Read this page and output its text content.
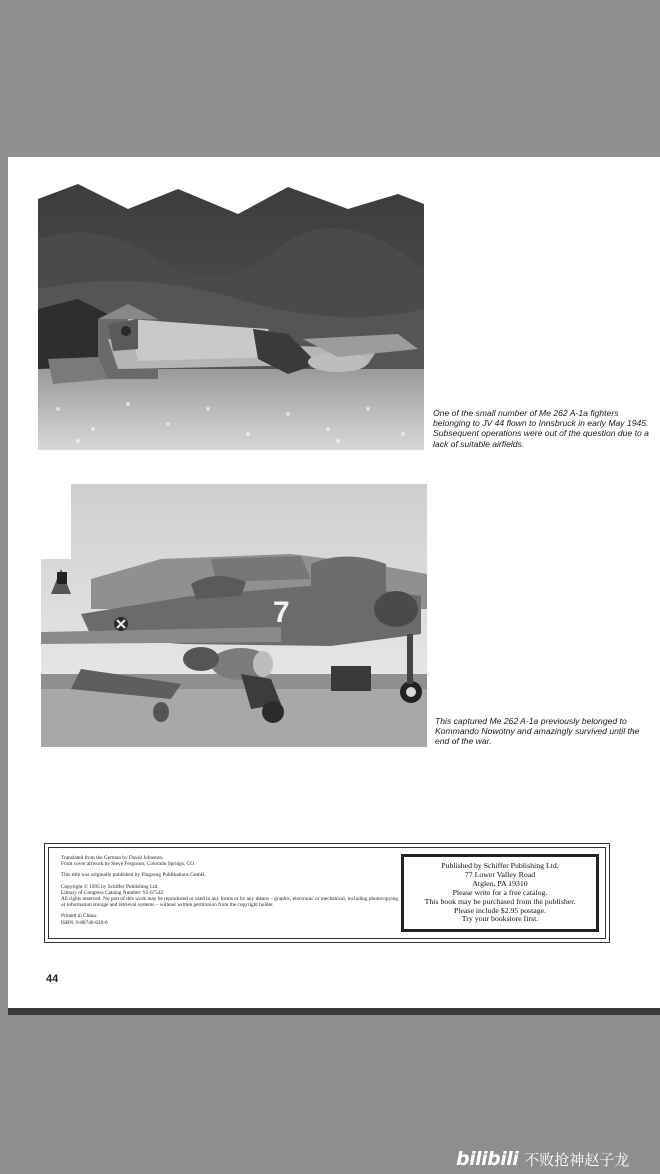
One of the small number of Me 262 A-1a fighters belonging to JV 44 flown to Innsbruck in early May 1945. Subsequent operations were out of the question due to a lack of suitable airfields.

7

This captured Me 262 A-1a previously belonged to Kommando Nowotny and amazingly survived until the end of the war.

Translated from the German by David Johnston.

Front cover artwork by Steve Ferguson, Colorado Springs, CO.

This title was originally published by Flugzeug Publikations GmbH.

Copyright © 1995 by Schiffer Publishing Ltd.

Library of Congress Catalog Number: 95-67542

All rights reserved. No part of this work may be reproduced or used in any forms or by any means – graphic, electronic or mechanical, including photocopying or information storage and retrieval systems – without written permission from the copyright holder.

Printed in China.

ISBN: 0-88740-820-0

Published by Schiffer Publishing Ltd.
77 Lower Valley Road
Atglen, PA 19310
Please write for a free catalog.
This book may be purchased from the publisher.
Please include $2.95 postage.
Try your bookstore first.
44
bilibili 不败抢神赵子龙
